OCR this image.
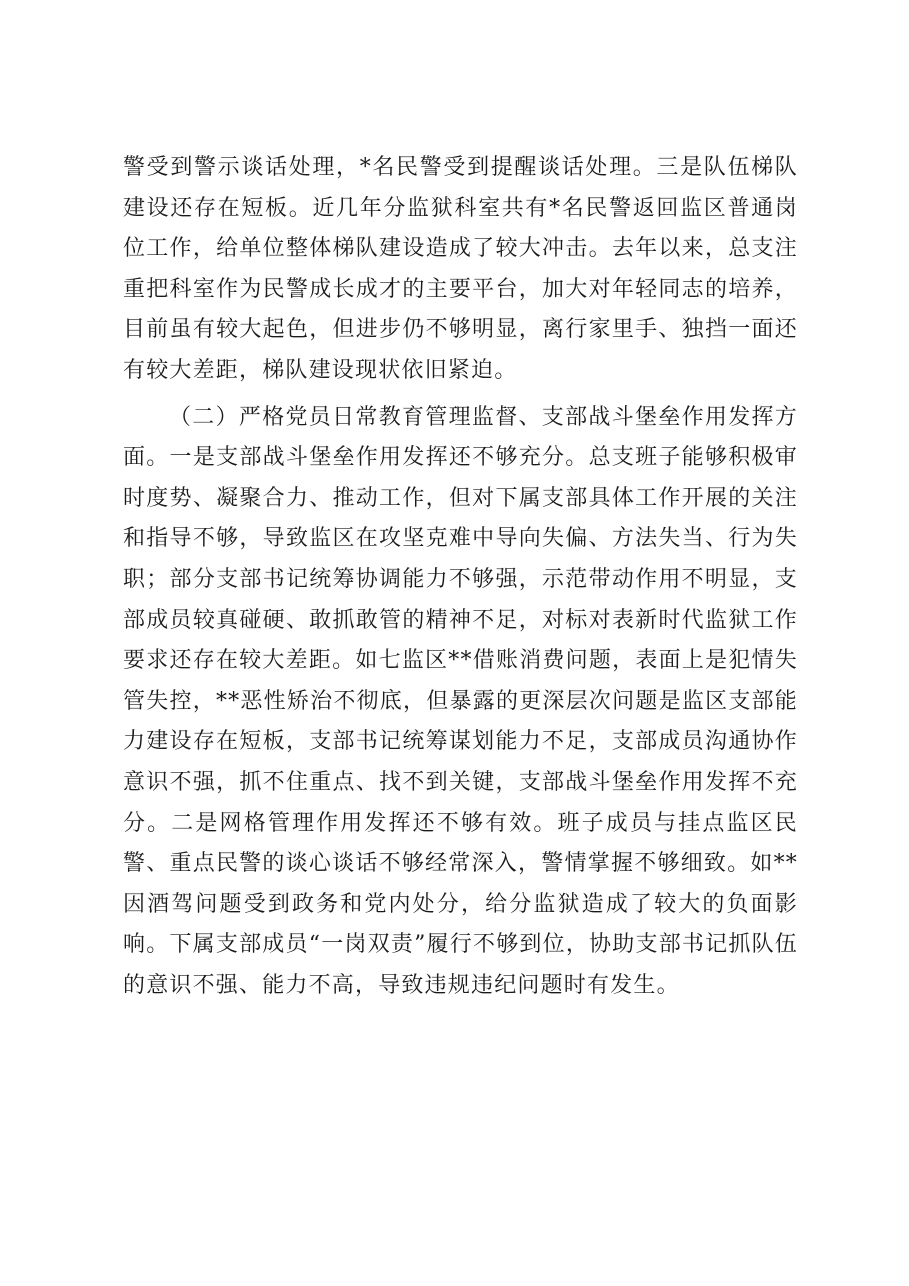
警受到警示谈话处理，*名民警受到提醒谈话处理。三是队伍梯队建设还存在短板。近几年分监狱科室共有*名民警返回监区普通岗位工作，给单位整体梯队建设造成了较大冲击。去年以来，总支注重把科室作为民警成长成才的主要平台，加大对年轻同志的培养，目前虽有较大起色，但进步仍不够明显，离行家里手、独挡一面还有较大差距，梯队建设现状依旧紧迫。

（二）严格党员日常教育管理监督、支部战斗堡垒作用发挥方面。一是支部战斗堡垒作用发挥还不够充分。总支班子能够积极审时度势、凝聚合力、推动工作，但对下属支部具体工作开展的关注和指导不够，导致监区在攻坚克难中导向失偏、方法失当、行为失职；部分支部书记统筹协调能力不够强，示范带动作用不明显，支部成员较真碰硬、敢抓敢管的精神不足，对标对表新时代监狱工作要求还存在较大差距。如七监区**借账消费问题，表面上是犯情失管失控，**恶性矫治不彻底，但暴露的更深层次问题是监区支部能力建设存在短板，支部书记统筹谋划能力不足，支部成员沟通协作意识不强，抓不住重点、找不到关键，支部战斗堡垒作用发挥不充分。二是网格管理作用发挥还不够有效。班子成员与挂点监区民警、重点民警的谈心谈话不够经常深入，警情掌握不够细致。如**因酒驾问题受到政务和党内处分，给分监狱造成了较大的负面影响。下属支部成员“一岗双责”履行不够到位，协助支部书记抓队伍的意识不强、能力不高，导致违规违纪问题时有发生。
